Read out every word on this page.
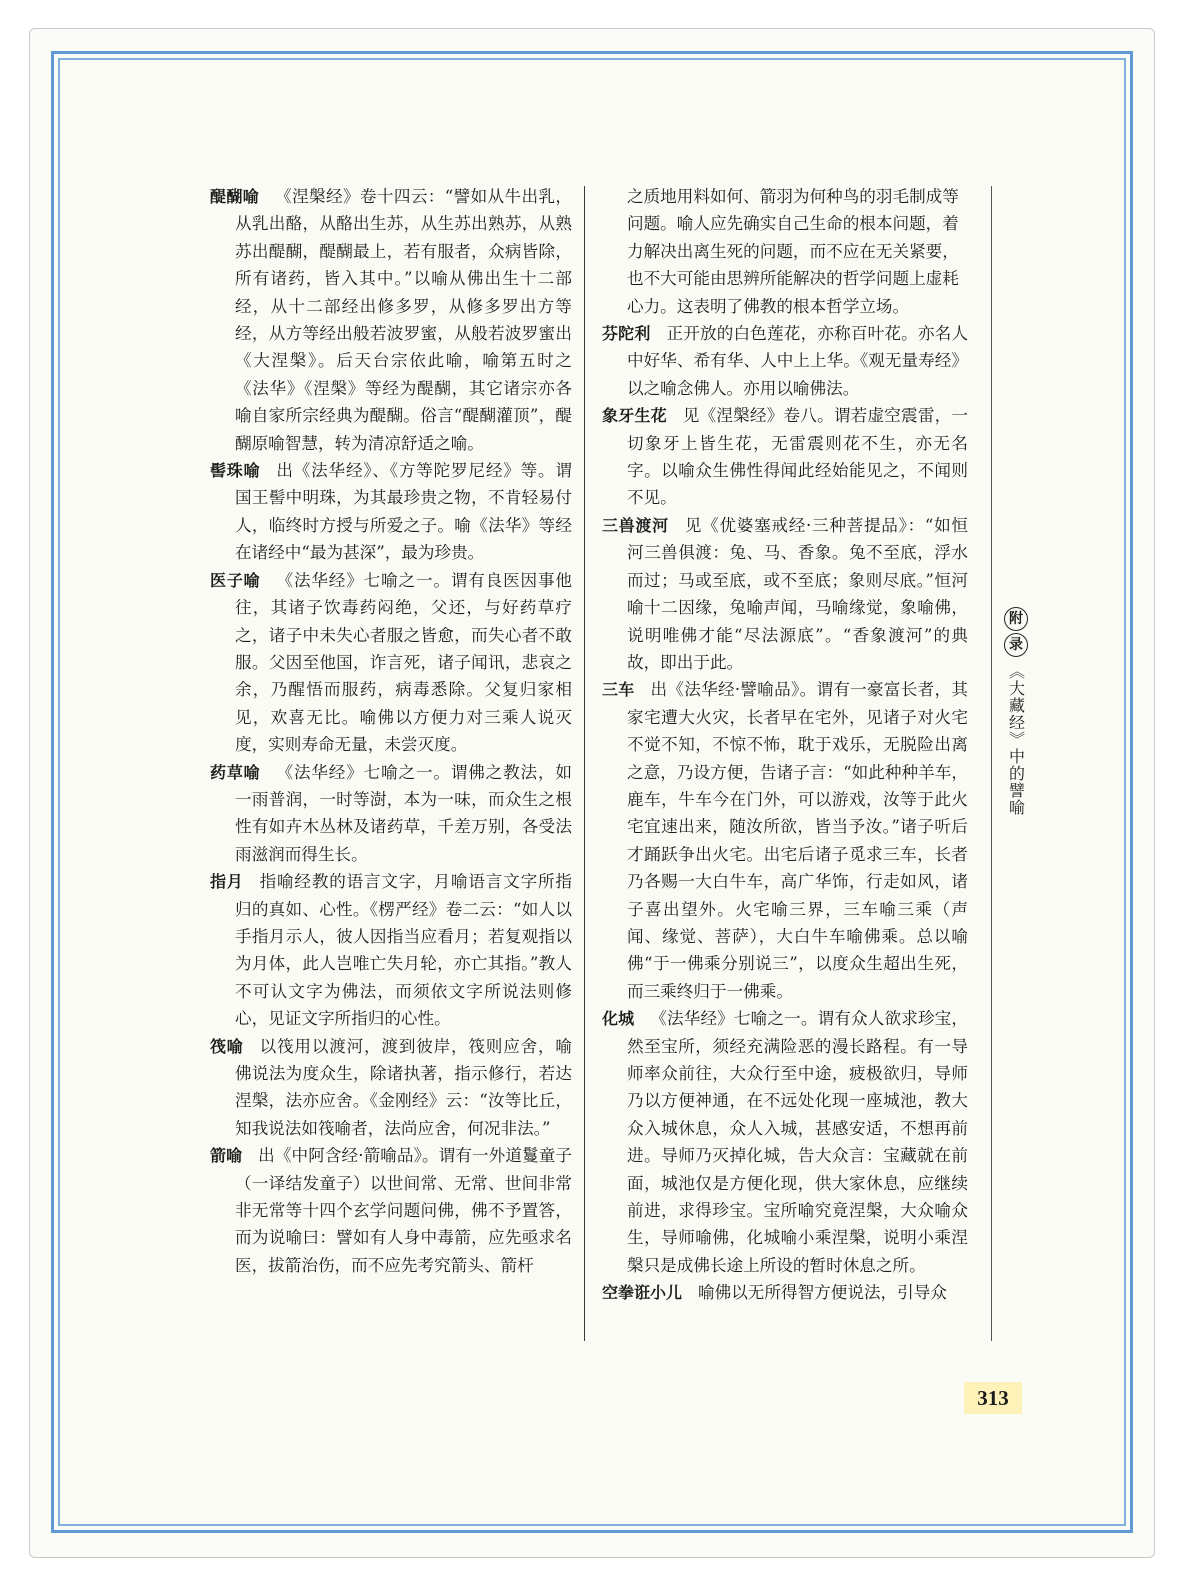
醍醐喻 《涅槃经》卷十四云：“譬如从牛出乳，从乳出酪，从酪出生苏，从生苏出熟苏，从熟苏出醍醐，醍醐最上，若有服者，众病皆除，所有诸药，皆入其中。”以喻从佛出生十二部经，从十二部经出修多罗，从修多罗出方等经，从方等经出般若波罗蜜，从般若波罗蜜出《大涅槃》。后天台宗依此喻，喻第五时之《法华》《涅槃》等经为醍醐，其它诸宗亦各喻自家所宗经典为醍醐。俗言“醍醐灌顶”，醍醐原喻智慧，转为清凉舒适之喻。

髻珠喻 出《法华经》、《方等陀罗尼经》等。谓国王髻中明珠，为其最珍贵之物，不肯轻易付人，临终时方授与所爱之子。喻《法华》等经在诸经中“最为甚深”，最为珍贵。

医子喻 《法华经》七喻之一。谓有良医因事他往，其诸子饮毒药闷绝，父还，与好药草疗之，诸子中未失心者服之皆愈，而失心者不敢服。父因至他国，诈言死，诸子闻讯，悲哀之余，乃醒悟而服药，病毒悉除。父复归家相见，欢喜无比。喻佛以方便力对三乘人说灭度，实则寿命无量，未尝灭度。

药草喻 《法华经》七喻之一。谓佛之教法，如一雨普润，一时等澍，本为一味，而众生之根性有如卉木丛林及诸药草，千差万别，各受法雨滋润而得生长。

指月 指喻经教的语言文字，月喻语言文字所指归的真如、心性。《楞严经》卷二云：“如人以手指月示人，彼人因指当应看月；若复观指以为月体，此人岂唯亡失月轮，亦亡其指。”教人不可认文字为佛法，而须依文字所说法则修心，见证文字所指归的心性。

筏喻 以筏用以渡河，渡到彼岸，筏则应舍，喻佛说法为度众生，除诸执著，指示修行，若达涅槃，法亦应舍。《金刚经》云：“汝等比丘，知我说法如筏喻者，法尚应舍，何况非法。”

箭喻 出《中阿含经·箭喻品》。谓有一外道鬘童子（一译结发童子）以世间常、无常、世间非常非无常等十四个玄学问题问佛，佛不予置答，而为说喻曰：譬如有人身中毒箭，应先亟求名医，拔箭治伤，而不应先考究箭头、箭杆

之质地用料如何、箭羽为何种鸟的羽毛制成等问题。喻人应先确实自己生命的根本问题，着力解决出离生死的问题，而不应在无关紧要，也不大可能由思辨所能解决的哲学问题上虚耗心力。这表明了佛教的根本哲学立场。

芬陀利 正开放的白色莲花，亦称百叶花。亦名人中好华、希有华、人中上上华。《观无量寿经》以之喻念佛人。亦用以喻佛法。

象牙生花 见《涅槃经》卷八。谓若虚空震雷，一切象牙上皆生花，无雷震则花不生，亦无名字。以喻众生佛性得闻此经始能见之，不闻则不见。

三兽渡河 见《优婆塞戒经·三种菩提品》：“如恒河三兽俱渡：兔、马、香象。兔不至底，浮水而过；马或至底，或不至底；象则尽底。”恒河喻十二因缘，兔喻声闻，马喻缘觉，象喻佛，说明唯佛才能“尽法源底”。“香象渡河”的典故，即出于此。

三车 出《法华经·譬喻品》。谓有一豪富长者，其家宅遭大火灾，长者早在宅外，见诸子对火宅不觉不知，不惊不怖，耽于戏乐，无脱险出离之意，乃设方便，告诸子言：“如此种种羊车，鹿车，牛车今在门外，可以游戏，汝等于此火宅宜速出来，随汝所欲，皆当予汝。”诸子听后才踊跃争出火宅。出宅后诸子觅求三车，长者乃各赐一大白牛车，高广华饰，行走如风，诸子喜出望外。火宅喻三界，三车喻三乘（声闻、缘觉、菩萨），大白牛车喻佛乘。总以喻佛“于一佛乘分别说三”，以度众生超出生死，而三乘终归于一佛乘。

化城 《法华经》七喻之一。谓有众人欲求珍宝，然至宝所，须经充满险恶的漫长路程。有一导师率众前往，大众行至中途，疲极欲归，导师乃以方便神通，在不远处化现一座城池，教大众入城休息，众人入城，甚感安适，不想再前进。导师乃灭掉化城，告大众言：宝藏就在前面，城池仅是方便化现，供大家休息，应继续前进，求得珍宝。宝所喻究竟涅槃，大众喻众生，导师喻佛，化城喻小乘涅槃，说明小乘涅槃只是成佛长途上所设的暂时休息之所。

空拳诳小儿 喻佛以无所得智方便说法，引导众

附
录
《大藏经》中的譬喻
313
